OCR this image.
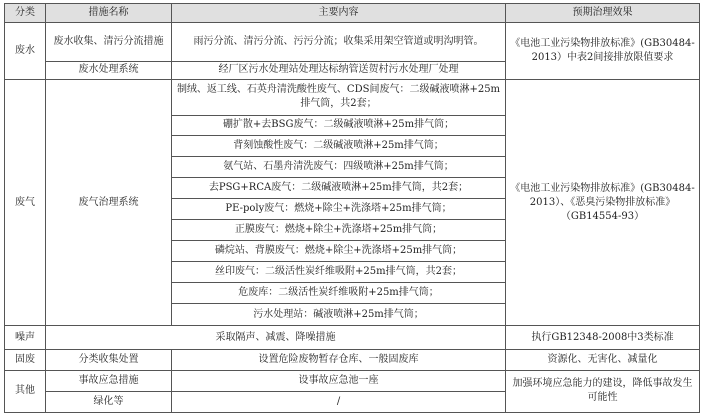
分类	措施名称	主要内容	预期治理效果
废水	废水收集、清污分流措施	雨污分流、清污分流、污污分流；收集采用架空管道或明沟明管。	《电池工业污染物排放标准》(GB30484-2013）中表2间接排放限值要求
	废水处理系统	经厂区污水处理站处理达标纳管送贺村污水处理厂处理	
废气	废气治理系统	制绒、返工线、石英舟清洗酸性废气、CDS间废气：二级碱液喷淋+25m排气筒，共2套；	《电池工业污染物排放标准》(GB30484-2013）、《恶臭污染物排放标准》（GB14554-93）
		硼扩散+去BSG废气：二级碱液喷淋+25m排气筒；	
		背刻蚀酸性废气：二级碱液喷淋+25m排气筒；	
		氨气站、石墨舟清洗废气：四级喷淋+25m排气筒；	
		去PSG+RCA废气：二级碱液喷淋+25m排气筒，共2套；	
		PE-poly废气：燃烧+除尘+洗涤塔+25m排气筒；	
		正膜废气：燃烧+除尘+洗涤塔+25m排气筒；	
		磷烷站、背膜废气：燃烧+除尘+洗涤塔+25m排气筒；	
		丝印废气：二级活性炭纤维吸附+25m排气筒，共2套；	
		危废库：二级活性炭纤维吸附+25m排气筒；	
		污水处理站：碱液喷淋+25m排气筒；	
噪声	采取隔声、减震、降噪措施		执行GB12348-2008中3类标准
固废	分类收集处置	设置危险废物暂存仓库、一般固废库	资源化、无害化、减量化
其他	事故应急措施	设事故应急池一座	加强环境应急能力的建设，降低事故发生可能性
	绿化等	/	
